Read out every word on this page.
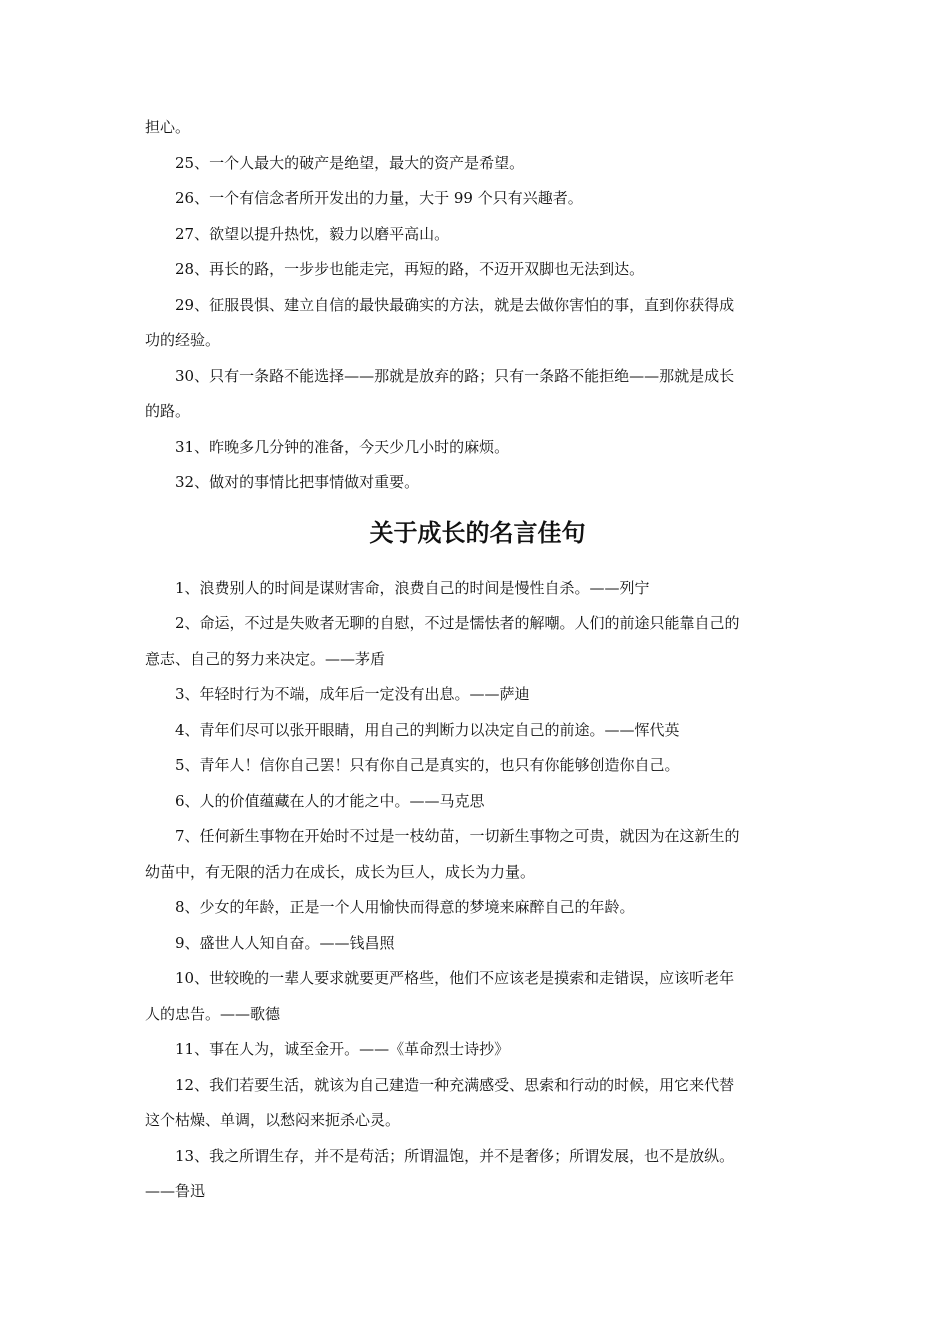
担心。

25、一个人最大的破产是绝望，最大的资产是希望。

26、一个有信念者所开发出的力量，大于 99 个只有兴趣者。

27、欲望以提升热忱，毅力以磨平高山。

28、再长的路，一步步也能走完，再短的路，不迈开双脚也无法到达。

29、征服畏惧、建立自信的最快最确实的方法，就是去做你害怕的事，直到你获得成

功的经验。

30、只有一条路不能选择——那就是放弃的路；只有一条路不能拒绝——那就是成长

的路。

31、昨晚多几分钟的准备，今天少几小时的麻烦。

32、做对的事情比把事情做对重要。

关于成长的名言佳句

1、浪费别人的时间是谋财害命，浪费自己的时间是慢性自杀。——列宁

2、命运，不过是失败者无聊的自慰，不过是懦怯者的解嘲。人们的前途只能靠自己的

意志、自己的努力来决定。——茅盾

3、年轻时行为不端，成年后一定没有出息。——萨迪

4、青年们尽可以张开眼睛，用自己的判断力以决定自己的前途。——恽代英

5、青年人！信你自己罢！只有你自己是真实的，也只有你能够创造你自己。

6、人的价值蕴藏在人的才能之中。——马克思

7、任何新生事物在开始时不过是一枝幼苗，一切新生事物之可贵，就因为在这新生的

幼苗中，有无限的活力在成长，成长为巨人，成长为力量。

8、少女的年龄，正是一个人用愉快而得意的梦境来麻醉自己的年龄。

9、盛世人人知自奋。——钱昌照

10、世较晚的一辈人要求就要更严格些，他们不应该老是摸索和走错误，应该听老年

人的忠告。——歌德

11、事在人为，诚至金开。——《革命烈士诗抄》

12、我们若要生活，就该为自己建造一种充满感受、思索和行动的时候，用它来代替

这个枯燥、单调，以愁闷来扼杀心灵。

13、我之所谓生存，并不是苟活；所谓温饱，并不是奢侈；所谓发展，也不是放纵。

——鲁迅
